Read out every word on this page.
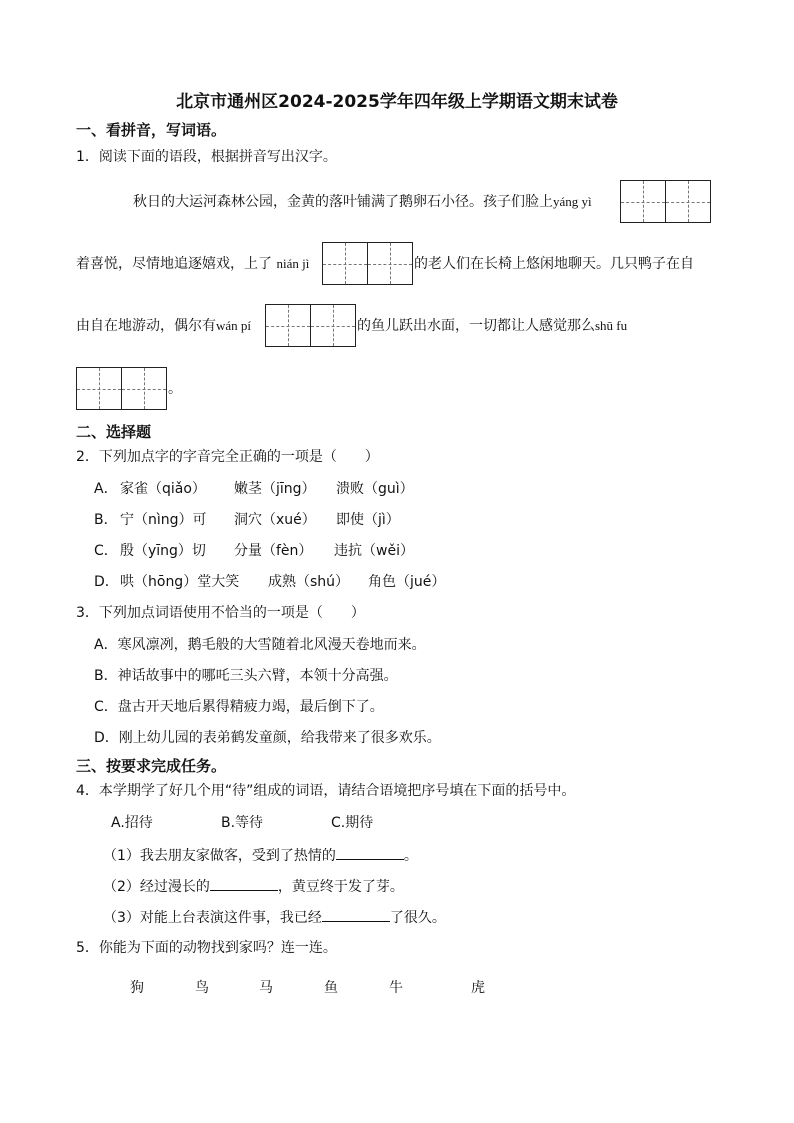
北京市通州区2024-2025学年四年级上学期语文期末试卷
一、看拼音，写词语。
1．阅读下面的语段，根据拼音写出汉字。
秋日的大运河森林公园，金黄的落叶铺满了鹅卵石小径。孩子们脸上yáng yì
着喜悦，尽情地追逐嬉戏，上了 nián jì	的老人们在长椅上悠闲地聊天。几只鸭子在自
由自在地游动，偶尔有wán pí	的鱼儿跃出水面，一切都让人感觉那么shū fu
。
二、选择题
2．下列加点字的字音完全正确的一项是（　　）
A． 家雀（qiǎo） 嫩茎（jīng） 溃败（guì）
B． 宁（nìng）可 洞穴（xué） 即使（jì）
C． 殷（yīng）切 分量（fèn） 违抗（wěi）
D． 哄（hōng）堂大笑 成熟（shú） 角色（jué）
3．下列加点词语使用不恰当的一项是（　　）
A．寒风凛冽，鹅毛般的大雪随着北风漫天卷地而来。
B．神话故事中的哪吒三头六臂，本领十分高强。
C．盘古开天地后累得精疲力竭，最后倒下了。
D．刚上幼儿园的表弟鹤发童颜，给我带来了很多欢乐。
三、按要求完成任务。
4．本学期学了好几个用“待”组成的词语，请结合语境把序号填在下面的括号中。
A.招待	B.等待	C.期待
（1）我去朋友家做客，受到了热情的	。
（2）经过漫长的	，黄豆终于发了芽。
（3）对能上台表演这件事，我已经	了很久。
5．你能为下面的动物找到家吗？连一连。
狗	鸟	马	鱼	牛	虎
